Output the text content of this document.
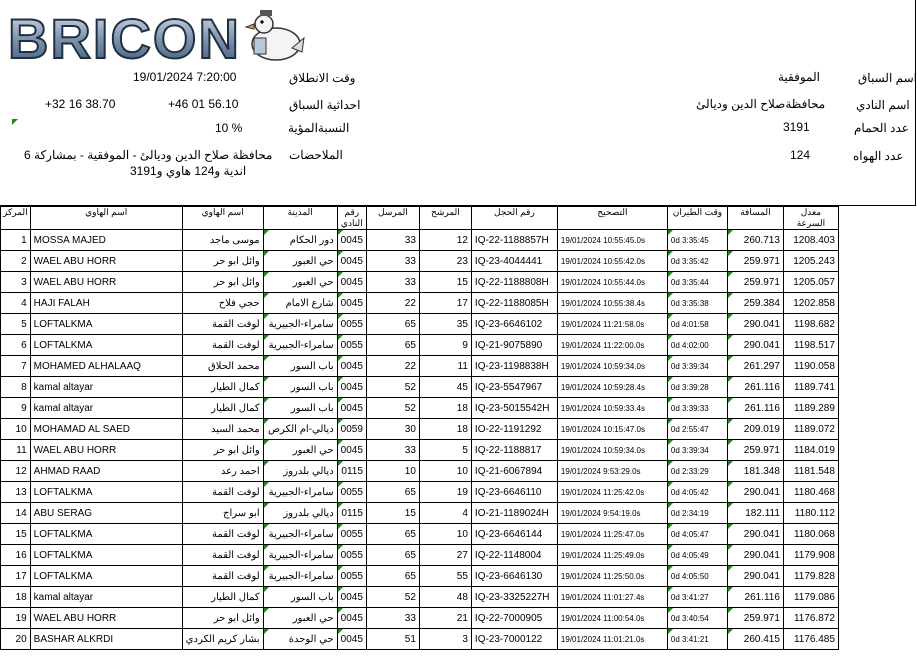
BRICON
وقت الانطلاق
19/01/2024 7:20:00
احداثية السباق
+32 16 38.70	+46 01 56.10
النسبةالمؤية
10 %
الملاحضات
محافظة صلاح الدين وديالئ - الموفقية - بمشاركة 6
اندية و124 هاوي و3191
اسم السباق
الموفقية
اسم النادي
محافظةصلاح الدين وديالئ
عدد الحمام
3191
عدد الهواه
124
المركز	اسم الهاوي	اسم الهاوي	المدينة	رقم النادي	المرسل	المرشح	رقم الحجل	التصحيح	وقت الطيران	المسافة	معدل السرعة
1	MOSSA MAJED	موسى ماجد	دور الحكام	0045	33	12	IQ-22-1188857H	19/01/2024 10:55:45.0s	0d 3:35:45	260.713	1208.403
2	WAEL ABU HORR	وائل ابو حر	حي العبور	0045	33	23	IQ-23-4044441	19/01/2024 10:55:42.0s	0d 3:35:42	259.971	1205.243
3	WAEL ABU HORR	وائل ابو حر	حي العبور	0045	33	15	IQ-22-1188808H	19/01/2024 10:55:44.0s	0d 3:35:44	259.971	1205.057
4	HAJI FALAH	حجي فلاح	شارع الامام	0045	22	17	IQ-22-1188085H	19/01/2024 10:55:38.4s	0d 3:35:38	259.384	1202.858
5	LOFTALKMA	لوفت القمة	سامراء-الجبيرية	0055	65	35	IQ-23-6646102	19/01/2024 11:21:58.0s	0d 4:01:58	290.041	1198.682
6	LOFTALKMA	لوفت القمة	سامراء-الجبيرية	0055	65	9	IQ-21-9075890	19/01/2024 11:22:00.0s	0d 4:02:00	290.041	1198.517
7	MOHAMED ALHALAAQ	محمد الحلاق	باب السور	0045	22	11	IQ-23-1198838H	19/01/2024 10:59:34.0s	0d 3:39:34	261.297	1190.058
8	kamal altayar	كمال الطيار	باب السور	0045	52	45	IQ-23-5547967	19/01/2024 10:59:28.4s	0d 3:39:28	261.116	1189.741
9	kamal altayar	كمال الطيار	باب السور	0045	52	18	IQ-23-5015542H	19/01/2024 10:59:33.4s	0d 3:39:33	261.116	1189.289
10	MOHAMAD AL SAED	محمد السيد	ديالي-ام الكرص	0059	30	18	IO-22-1191292	19/01/2024 10:15:47.0s	0d 2:55:47	209.019	1189.072
11	WAEL ABU HORR	وائل ابو حر	حي العبور	0045	33	5	IQ-22-1188817	19/01/2024 10:59:34.0s	0d 3:39:34	259.971	1184.019
12	AHMAD RAAD	احمد رعد	ديالي بلدروز	0115	10	10	IQ-21-6067894	19/01/2024 9:53:29.0s	0d 2:33:29	181.348	1181.548
13	LOFTALKMA	لوفت القمة	سامراء-الجبيرية	0055	65	19	IQ-23-6646110	19/01/2024 11:25:42.0s	0d 4:05:42	290.041	1180.468
14	ABU SERAG	ابو سراج	ديالي بلدروز	0115	15	4	IO-21-1189024H	19/01/2024 9:54:19.0s	0d 2:34:19	182.111	1180.112
15	LOFTALKMA	لوفت القمة	سامراء-الجبيرية	0055	65	10	IQ-23-6646144	19/01/2024 11:25:47.0s	0d 4:05:47	290.041	1180.068
16	LOFTALKMA	لوفت القمة	سامراء-الجبيرية	0055	65	27	IQ-22-1148004	19/01/2024 11:25:49.0s	0d 4:05:49	290.041	1179.908
17	LOFTALKMA	لوفت القمة	سامراء-الجبيرية	0055	65	55	IQ-23-6646130	19/01/2024 11:25:50.0s	0d 4:05:50	290.041	1179.828
18	kamal altayar	كمال الطيار	باب السور	0045	52	48	IQ-23-3325227H	19/01/2024 11:01:27.4s	0d 3:41:27	261.116	1179.086
19	WAEL ABU HORR	وائل ابو حر	حي العبور	0045	33	21	IQ-22-7000905	19/01/2024 11:00:54.0s	0d 3:40:54	259.971	1176.872
20	BASHAR ALKRDI	بشار كريم الكردي	حي الوحدة	0045	51	3	IQ-23-7000122	19/01/2024 11:01:21.0s	0d 3:41:21	260.415	1176.485
